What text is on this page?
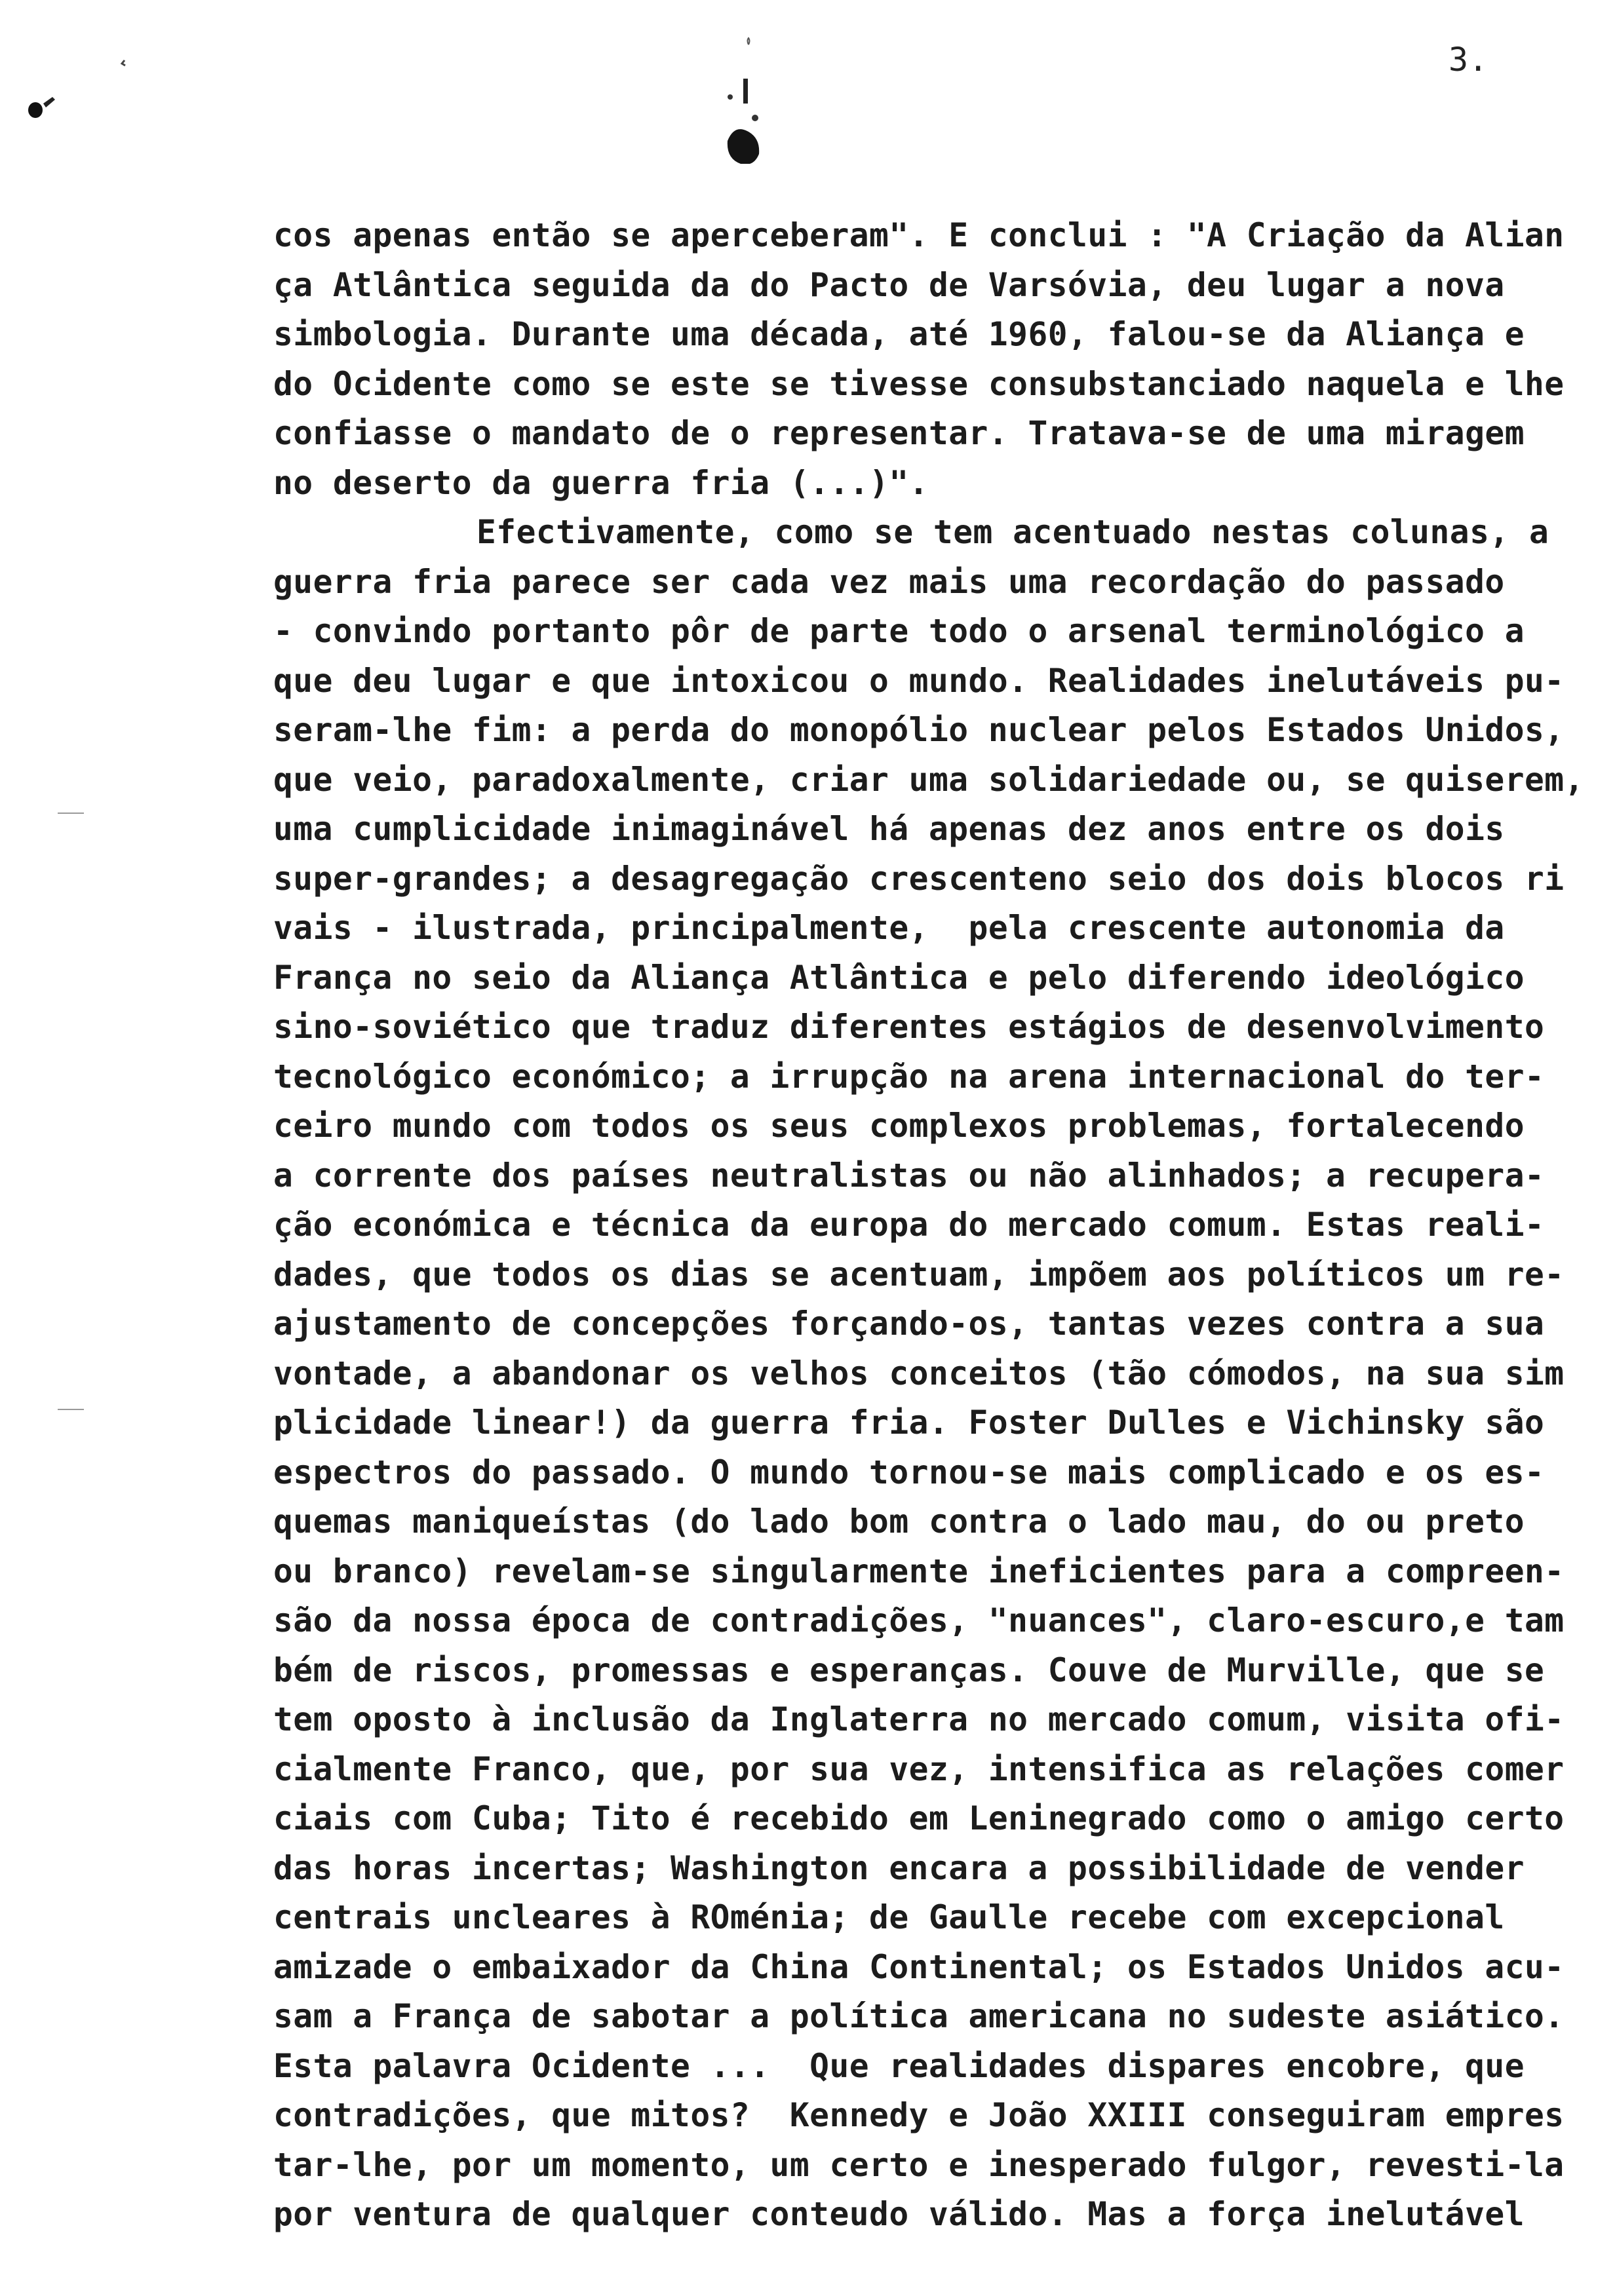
3.
cos apenas então se aperceberam". E conclui : "A Criação da Alian
ça Atlântica seguida da do Pacto de Varsóvia, deu lugar a nova
simbologia. Durante uma década, até 1960, falou-se da Aliança e
do Ocidente como se este se tivesse consubstanciado naquela e lhe
confiasse o mandato de o representar. Tratava-se de uma miragem
no deserto da guerra fria (...)".
Efectivamente, como se tem acentuado nestas colunas, a
guerra fria parece ser cada vez mais uma recordação do passado
- convindo portanto pôr de parte todo o arsenal terminológico a
que deu lugar e que intoxicou o mundo. Realidades inelutáveis pu-
seram-lhe fim: a perda do monopólio nuclear pelos Estados Unidos,
que veio, paradoxalmente, criar uma solidariedade ou, se quiserem,
uma cumplicidade inimaginável há apenas dez anos entre os dois
super-grandes; a desagregação crescenteno seio dos dois blocos ri
vais - ilustrada, principalmente,  pela crescente autonomia da
França no seio da Aliança Atlântica e pelo diferendo ideológico
sino-soviético que traduz diferentes estágios de desenvolvimento
tecnológico económico; a irrupção na arena internacional do ter-
ceiro mundo com todos os seus complexos problemas, fortalecendo
a corrente dos países neutralistas ou não alinhados; a recupera-
ção económica e técnica da europa do mercado comum. Estas reali-
dades, que todos os dias se acentuam, impõem aos políticos um re-
ajustamento de concepções forçando-os, tantas vezes contra a sua
vontade, a abandonar os velhos conceitos (tão cómodos, na sua sim
plicidade linear!) da guerra fria. Foster Dulles e Vichinsky são
espectros do passado. O mundo tornou-se mais complicado e os es-
quemas maniqueístas (do lado bom contra o lado mau, do ou preto
ou branco) revelam-se singularmente ineficientes para a compreen-
são da nossa época de contradições, "nuances", claro-escuro,e tam
bém de riscos, promessas e esperanças. Couve de Murville, que se
tem oposto à inclusão da Inglaterra no mercado comum, visita ofi-
cialmente Franco, que, por sua vez, intensifica as relações comer
ciais com Cuba; Tito é recebido em Leninegrado como o amigo certo
das horas incertas; Washington encara a possibilidade de vender
centrais uncleares à ROménia; de Gaulle recebe com excepcional
amizade o embaixador da China Continental; os Estados Unidos acu-
sam a França de sabotar a política americana no sudeste asiático.
Esta palavra Ocidente ...  Que realidades dispares encobre, que
contradições, que mitos?  Kennedy e João XXIII conseguiram empres
tar-lhe, por um momento, um certo e inesperado fulgor, revesti-la
por ventura de qualquer conteudo válido. Mas a força inelutável
